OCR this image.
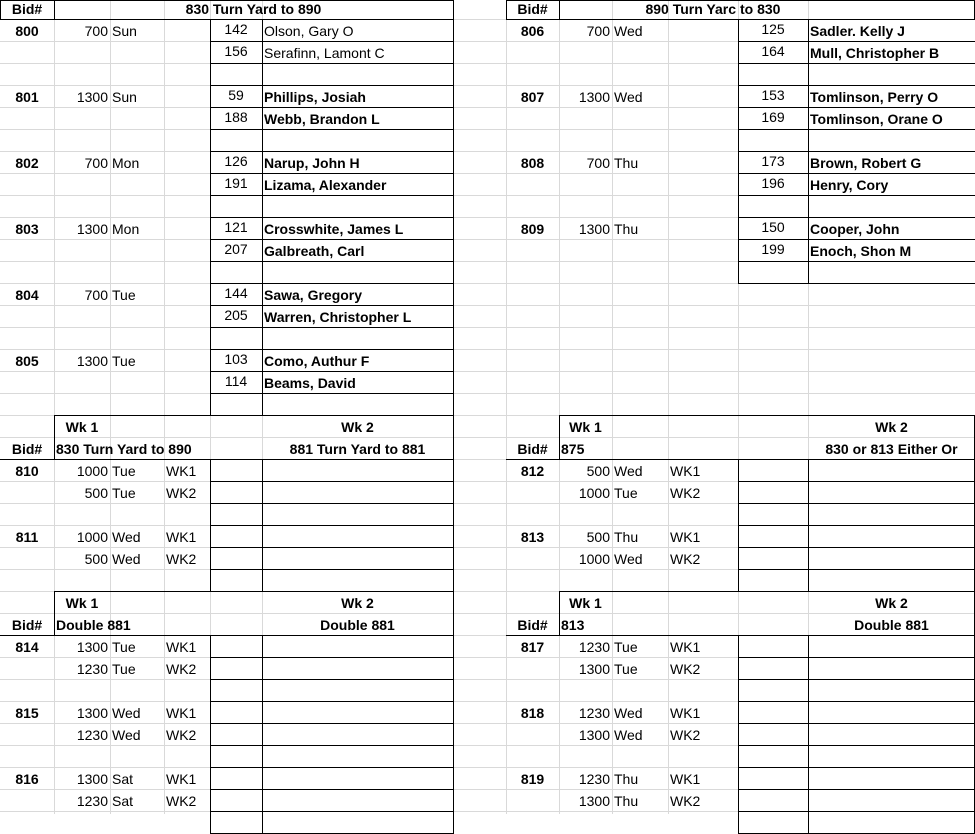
Bid#	830 Turn Yard to 890	Bid#	890 Turn Yarc to 830
800	700 Sun	142	Olson, Gary O
156	Serafinn, Lamont C
801	1300 Sun	59	Phillips, Josiah
188	Webb, Brandon L
802	700 Mon	126	Narup, John H
191	Lizama, Alexander
803	1300 Mon	121	Crosswhite, James L
207	Galbreath, Carl
804	700 Tue	144	Sawa, Gregory
205	Warren, Christopher L
805	1300 Tue	103	Como, Authur F
114	Beams, David
806	700 Wed	125	Sadler. Kelly J
164	Mull, Christopher B
807	1300 Wed	153	Tomlinson, Perry O
169	Tomlinson, Orane O
808	700 Thu	173	Brown, Robert G
196	Henry, Cory
809	1300 Thu	150	Cooper, John
199	Enoch, Shon M
Wk 1	Wk 2
Bid# 830 Turn Yard to 890	881 Turn Yard to 881
810	1000 Tue	WK1
500 Tue	WK2
811	1000 Wed	WK1
500 Wed	WK2
Wk 1	Wk 2
Bid# 875	830 or 813 Either Or
812	500 Wed	WK1
1000 Tue	WK2
813	500 Thu	WK1
1000 Wed	WK2
Wk 1	Wk 2
Bid# Double 881	Double 881
814	1300 Tue	WK1
1230 Tue	WK2
815	1300 Wed	WK1
1230 Wed	WK2
816	1300 Sat	WK1
1230 Sat	WK2
Wk 1	Wk 2
Bid# 813	Double 881
817	1230 Tue	WK1
1300 Tue	WK2
818	1230 Wed	WK1
1300 Wed	WK2
819	1230 Thu	WK1
1300 Thu	WK2
